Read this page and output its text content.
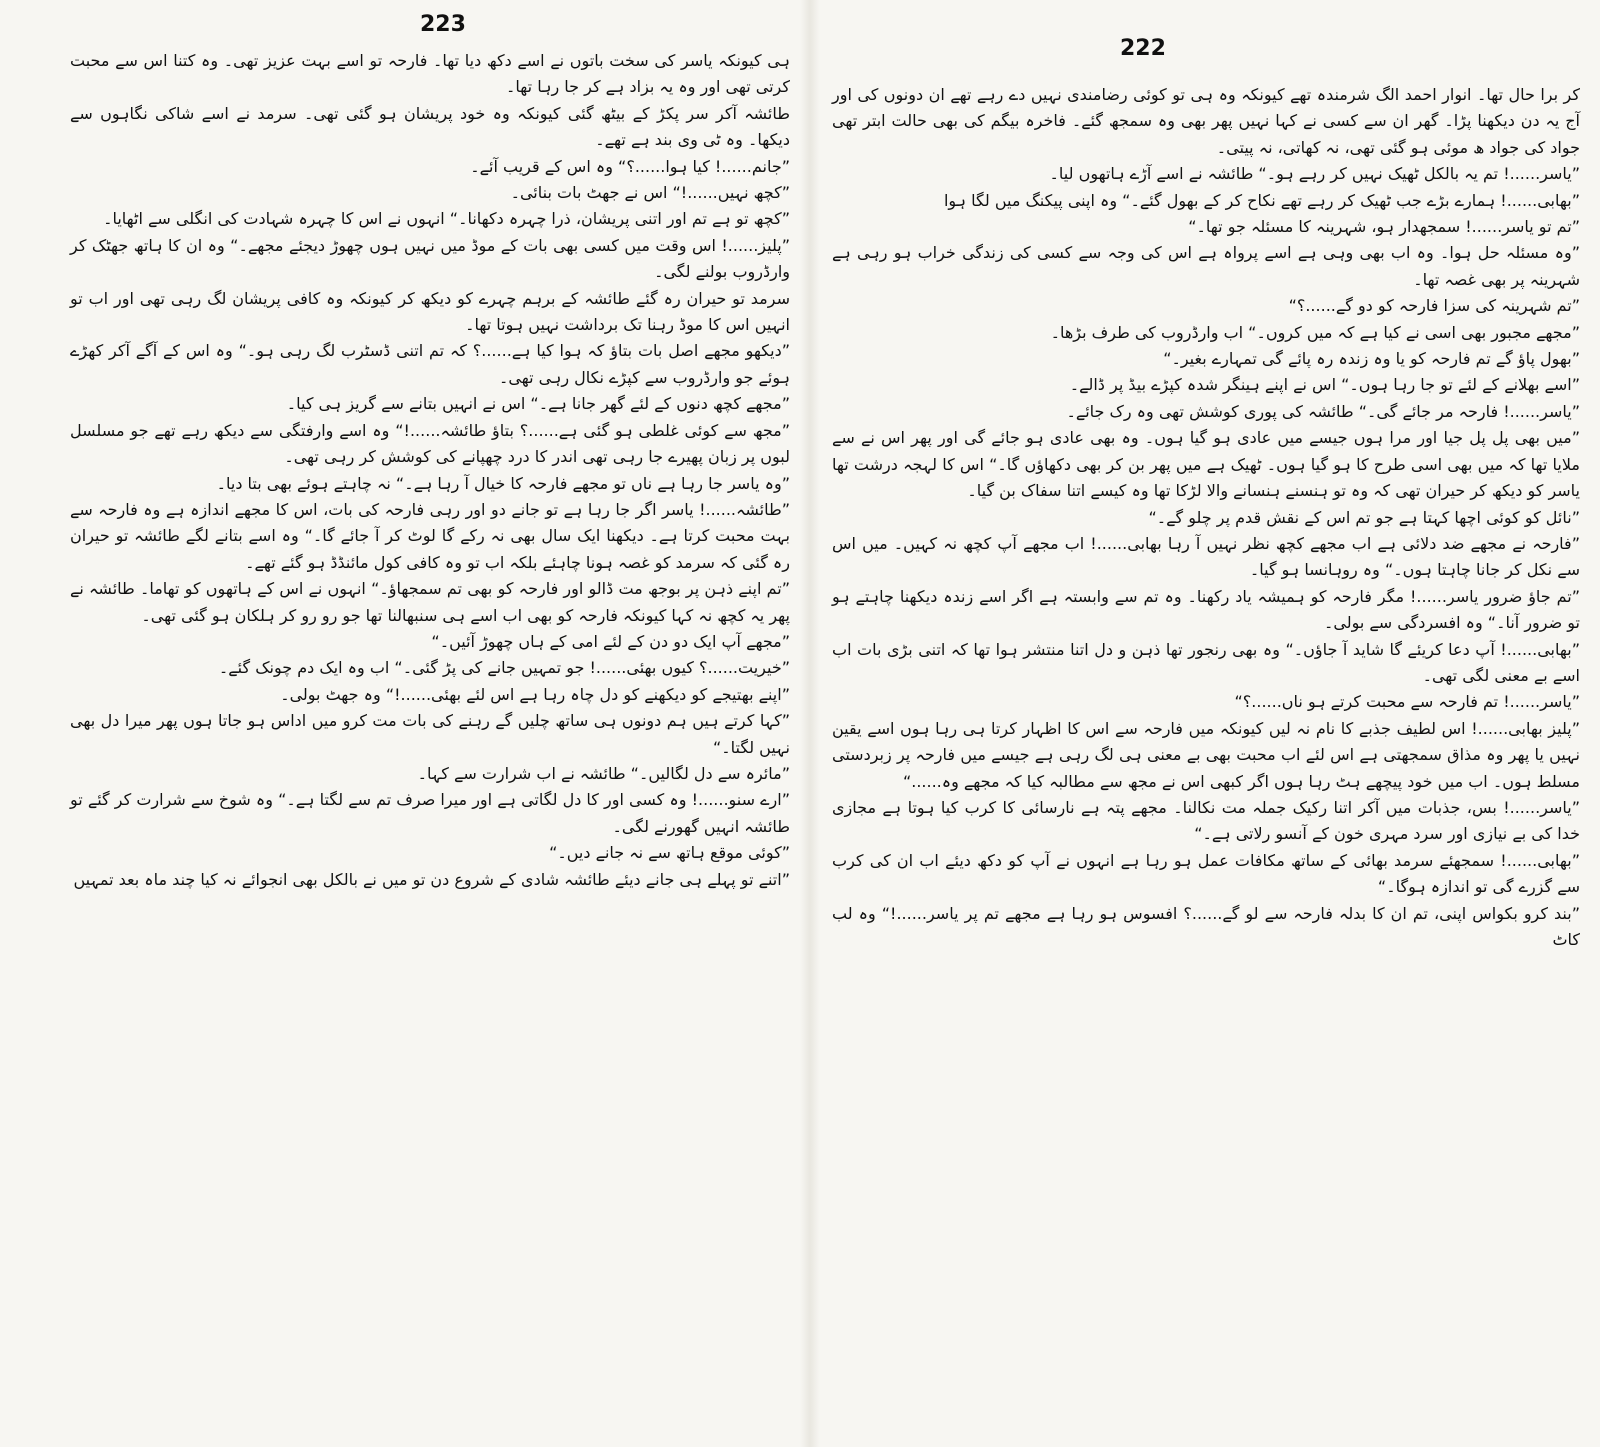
223
222

ہی کیونکہ یاسر کی سخت باتوں نے اسے دکھ دیا تھا۔ فارحہ تو اسے بہت عزیز تھی۔ وہ کتنا اس سے محبت کرتی تھی اور وہ یہ بزاد ہے کر جا رہا تھا۔

طائشہ آکر سر پکڑ کے بیٹھ گئی کیونکہ وہ خود پریشان ہو گئی تھی۔ سرمد نے اسے شاکی نگاہوں سے دیکھا۔ وہ ٹی وی بند ہے تھے۔

”جانم......! کیا ہوا......؟“ وہ اس کے قریب آئے۔

”کچھ نہیں......!“ اس نے جھٹ بات بنائی۔

”کچھ تو ہے تم اور اتنی پریشان، ذرا چہرہ دکھانا۔“ انہوں نے اس کا چہرہ شہادت کی انگلی سے اٹھایا۔

”پلیز......! اس وقت میں کسی بھی بات کے موڈ میں نہیں ہوں چھوڑ دیجئے مجھے۔“ وہ ان کا ہاتھ جھٹک کر وارڈروب بولنے لگی۔

سرمد تو حیران رہ گئے طائشہ کے برہم چہرے کو دیکھ کر کیونکہ وہ کافی پریشان لگ رہی تھی اور اب تو انہیں اس کا موڈ رہنا تک برداشت نہیں ہوتا تھا۔

”دیکھو مجھے اصل بات بتاؤ کہ ہوا کیا ہے......؟ کہ تم اتنی ڈسٹرب لگ رہی ہو۔“ وہ اس کے آگے آکر کھڑے ہوئے جو وارڈروب سے کپڑے نکال رہی تھی۔

”مجھے کچھ دنوں کے لئے گھر جانا ہے۔“ اس نے انہیں بتانے سے گریز ہی کیا۔

”مجھ سے کوئی غلطی ہو گئی ہے......؟ بتاؤ طائشہ......!“ وہ اسے وارفتگی سے دیکھ رہے تھے جو مسلسل لبوں پر زبان پھیرے جا رہی تھی اندر کا درد چھپانے کی کوشش کر رہی تھی۔

”وہ یاسر جا رہا ہے ناں تو مجھے فارحہ کا خیال آ رہا ہے۔“ نہ چاہتے ہوئے بھی بتا دیا۔

”طائشہ......! یاسر اگر جا رہا ہے تو جانے دو اور رہی فارحہ کی بات، اس کا مجھے اندازہ ہے وہ فارحہ سے بہت محبت کرتا ہے۔ دیکھنا ایک سال بھی نہ رکے گا لوٹ کر آ جائے گا۔“ وہ اسے بتانے لگے طائشہ تو حیران رہ گئی کہ سرمد کو غصہ ہونا چاہئے بلکہ اب تو وہ کافی کول مائنڈڈ ہو گئے تھے۔

”تم اپنے ذہن پر بوجھ مت ڈالو اور فارحہ کو بھی تم سمجھاؤ۔“ انہوں نے اس کے ہاتھوں کو تھاما۔ طائشہ نے پھر یہ کچھ نہ کہا کیونکہ فارحہ کو بھی اب اسے ہی سنبھالنا تھا جو رو رو کر ہلکان ہو گئی تھی۔

”مجھے آپ ایک دو دن کے لئے امی کے ہاں چھوڑ آئیں۔“

”خیریت......؟ کیوں بھئی......! جو تمہیں جانے کی پڑ گئی۔“ اب وہ ایک دم چونک گئے۔

”اپنے بھتیجے کو دیکھنے کو دل چاہ رہا ہے اس لئے بھئی......!“ وہ جھٹ بولی۔

”کہا کرتے ہیں ہم دونوں ہی ساتھ چلیں گے رہنے کی بات مت کرو میں اداس ہو جاتا ہوں پھر میرا دل بھی نہیں لگتا۔“

”مائرہ سے دل لگالیں۔“ طائشہ نے اب شرارت سے کہا۔

”ارے سنو......! وہ کسی اور کا دل لگاتی ہے اور میرا صرف تم سے لگتا ہے۔“ وہ شوخ سے شرارت کر گئے تو طائشہ انہیں گھورنے لگی۔

”کوئی موقع ہاتھ سے نہ جانے دیں۔“

”اتنے تو پہلے ہی جانے دیئے طائشہ شادی کے شروع دن تو میں نے بالکل بھی انجوائے نہ کیا چند ماہ بعد تمہیں

کر برا حال تھا۔ انوار احمد الگ شرمندہ تھے کیونکہ وہ ہی تو کوئی رضامندی نہیں دے رہے تھے ان دونوں کی اور آج یہ دن دیکھنا پڑا۔ گھر ان سے کسی نے کہا نہیں پھر بھی وہ سمجھ گئے۔ فاخرہ بیگم کی بھی حالت ابتر تھی جواد کی جواد ھ موئی ہو گئی تھی، نہ کھاتی، نہ پیتی۔

”یاسر......! تم یہ بالکل ٹھیک نہیں کر رہے ہو۔“ طائشہ نے اسے آڑے ہاتھوں لیا۔

”بھابی......! ہمارے بڑے جب ٹھیک کر رہے تھے نکاح کر کے بھول گئے۔“ وہ اپنی پیکنگ میں لگا ہوا

”تم تو یاسر......! سمجھدار ہو، شہرینہ کا مسئلہ جو تھا۔“

”وہ مسئلہ حل ہوا۔ وہ اب بھی وہی ہے اسے پرواہ ہے اس کی وجہ سے کسی کی زندگی خراب ہو رہی ہے شہرینہ پر بھی غصہ تھا۔

”تم شہرینہ کی سزا فارحہ کو دو گے......؟“

”مجھے مجبور بھی اسی نے کیا ہے کہ میں کروں۔“ اب وارڈروب کی طرف بڑھا۔

”بھول پاؤ گے تم فارحہ کو یا وہ زندہ رہ پائے گی تمہارے بغیر۔“

”اسے بھلانے کے لئے تو جا رہا ہوں۔“ اس نے اپنے ہینگر شدہ کپڑے بیڈ پر ڈالے۔

”یاسر......! فارحہ مر جائے گی۔“ طائشہ کی پوری کوشش تھی وہ رک جائے۔

”میں بھی پل پل جیا اور مرا ہوں جیسے میں عادی ہو گیا ہوں۔ وہ بھی عادی ہو جائے گی اور پھر اس نے سے ملایا تھا کہ میں بھی اسی طرح کا ہو گیا ہوں۔ ٹھیک ہے میں پھر بن کر بھی دکھاؤں گا۔“ اس کا لہجہ درشت تھا یاسر کو دیکھ کر حیران تھی کہ وہ تو ہنسنے ہنسانے والا لڑکا تھا وہ کیسے اتنا سفاک بن گیا۔

”نائل کو کوئی اچھا کہتا ہے جو تم اس کے نقش قدم پر چلو گے۔“

”فارحہ نے مجھے ضد دلائی ہے اب مجھے کچھ نظر نہیں آ رہا بھابی......! اب مجھے آپ کچھ نہ کہیں۔ میں اس سے نکل کر جانا چاہتا ہوں۔“ وہ روہانسا ہو گیا۔

”تم جاؤ ضرور یاسر......! مگر فارحہ کو ہمیشہ یاد رکھنا۔ وہ تم سے وابستہ ہے اگر اسے زندہ دیکھنا چاہتے ہو تو ضرور آنا۔“ وہ افسردگی سے بولی۔

”بھابی......! آپ دعا کریئے گا شاید آ جاؤں۔“ وہ بھی رنجور تھا ذہن و دل اتنا منتشر ہوا تھا کہ اتنی بڑی بات اب اسے بے معنی لگی تھی۔

”یاسر......! تم فارحہ سے محبت کرتے ہو ناں......؟“

”پلیز بھابی......! اس لطیف جذبے کا نام نہ لیں کیونکہ میں فارحہ سے اس کا اظہار کرتا ہی رہا ہوں اسے یقین نہیں یا پھر وہ مذاق سمجھتی ہے اس لئے اب محبت بھی بے معنی ہی لگ رہی ہے جیسے میں فارحہ پر زبردستی مسلط ہوں۔ اب میں خود پیچھے ہٹ رہا ہوں اگر کبھی اس نے مجھ سے مطالبہ کیا کہ مجھے وہ......“

”یاسر......! بس، جذبات میں آکر اتنا رکیک جملہ مت نکالنا۔ مجھے پتہ ہے نارسائی کا کرب کیا ہوتا ہے مجازی خدا کی بے نیازی اور سرد مہری خون کے آنسو رلاتی ہے۔“

”بھابی......! سمجھئے سرمد بھائی کے ساتھ مکافات عمل ہو رہا ہے انہوں نے آپ کو دکھ دیئے اب ان کی کرب سے گزرے گی تو اندازہ ہوگا۔“

”بند کرو بکواس اپنی، تم ان کا بدلہ فارحہ سے لو گے......؟ افسوس ہو رہا ہے مجھے تم پر یاسر......!“ وہ لب کاٹ
